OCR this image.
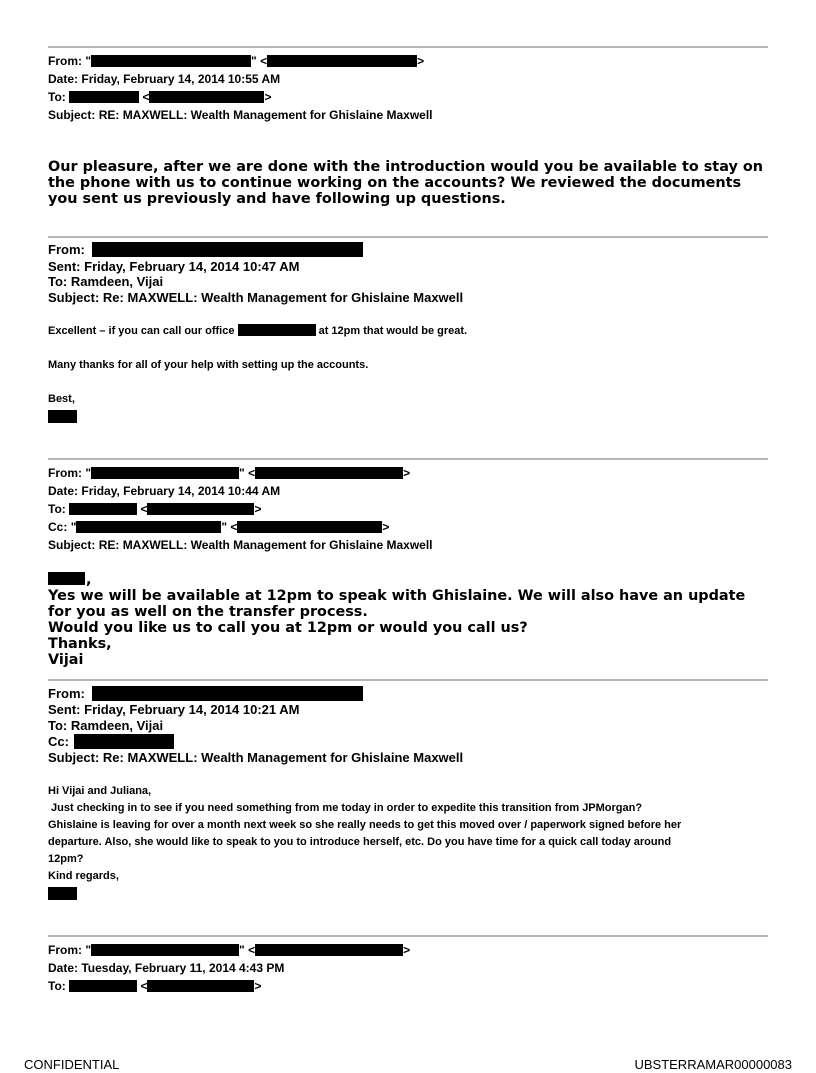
From: "	" <	>
Date: Friday, February 14, 2014 10:55 AM
To:	<	>
Subject: RE: MAXWELL: Wealth Management for Ghislaine Maxwell
Our pleasure, after we are done with the introduction would you be available to stay on the phone with us to continue working on the accounts? We reviewed the documents you sent us previously and have following up questions.
From:
Sent: Friday, February 14, 2014 10:47 AM
To: Ramdeen, Vijai
Subject: Re: MAXWELL: Wealth Management for Ghislaine Maxwell
Excellent – if you can call our office	at 12pm that would be great.
Many thanks for all of your help with setting up the accounts.
Best,
From: "	" <	>
Date: Friday, February 14, 2014 10:44 AM
To:	<	>
Cc: "	" <	>
Subject: RE: MAXWELL: Wealth Management for Ghislaine Maxwell
,
Yes we will be available at 12pm to speak with Ghislaine. We will also have an update for you as well on the transfer process.
Would you like us to call you at 12pm or would you call us?
Thanks,
Vijai
From:
Sent: Friday, February 14, 2014 10:21 AM
To: Ramdeen, Vijai
Cc:
Subject: Re: MAXWELL: Wealth Management for Ghislaine Maxwell
Hi Vijai and Juliana,
Just checking in to see if you need something from me today in order to expedite this transition from JPMorgan?
Ghislaine is leaving for over a month next week so she really needs to get this moved over / paperwork signed before her
departure. Also, she would like to speak to you to introduce herself, etc. Do you have time for a quick call today around
12pm?
Kind regards,
From: "	" <	>
Date: Tuesday, February 11, 2014 4:43 PM
To:	<	>
CONFIDENTIAL	UBSTERRAMAR00000083
